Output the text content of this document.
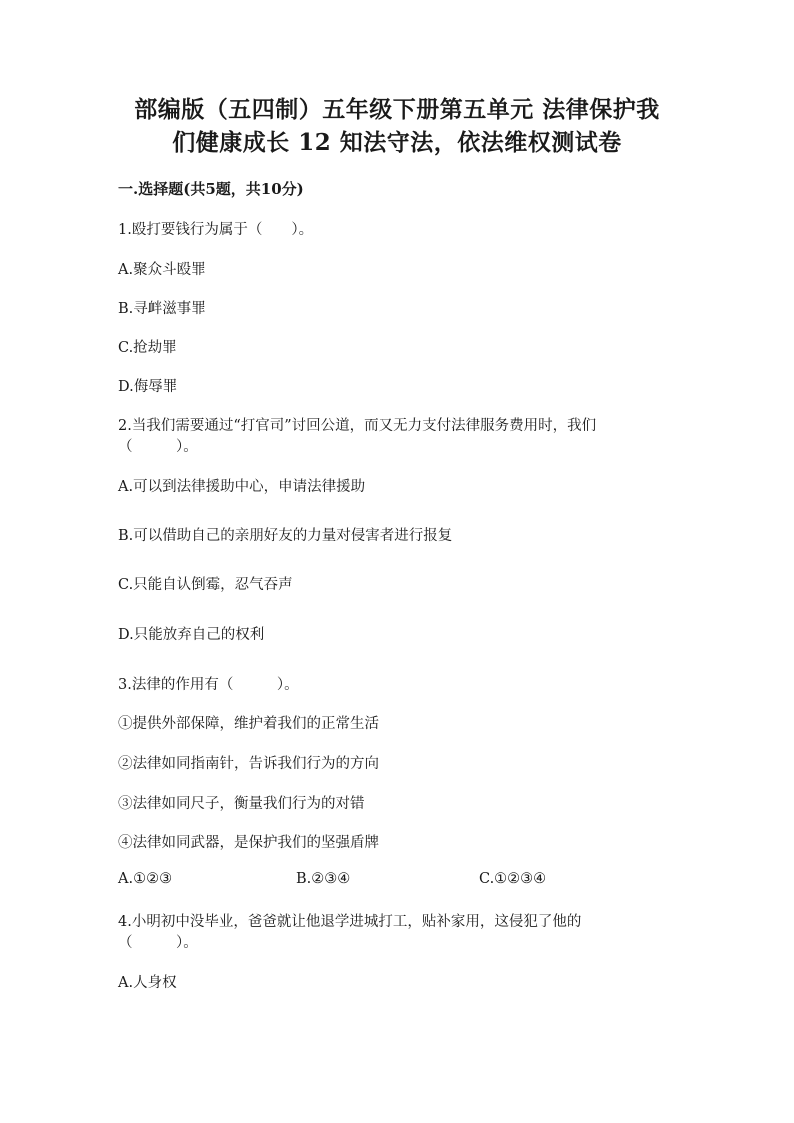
部编版（五四制）五年级下册第五单元 法律保护我
们健康成长 12 知法守法，依法维权测试卷
一.选择题(共5题，共10分)
1.殴打要钱行为属于（　　）。
A.聚众斗殴罪
B.寻衅滋事罪
C.抢劫罪
D.侮辱罪
2.当我们需要通过“打官司”讨回公道，而又无力支付法律服务费用时，我们
（　　　）。
A.可以到法律援助中心，申请法律援助
B.可以借助自己的亲朋好友的力量对侵害者进行报复
C.只能自认倒霉，忍气吞声
D.只能放弃自己的权利
3.法律的作用有（　　　）。
①提供外部保障，维护着我们的正常生活
②法律如同指南针，告诉我们行为的方向
③法律如同尺子，衡量我们行为的对错
④法律如同武器，是保护我们的坚强盾牌
A.①②③	B.②③④	C.①②③④
4.小明初中没毕业，爸爸就让他退学进城打工，贴补家用，这侵犯了他的
（　　　）。
A.人身权
